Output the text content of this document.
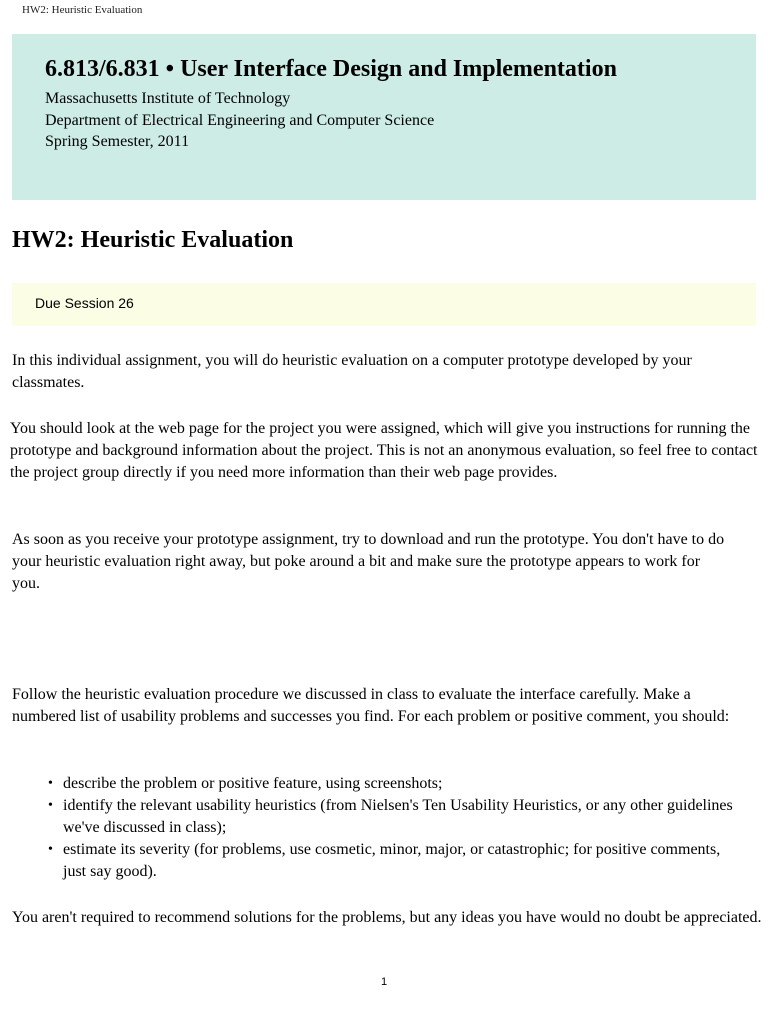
HW2: Heuristic Evaluation
6.813/6.831 • User Interface Design and Implementation

Massachusetts Institute of Technology

Department of Electrical Engineering and Computer Science

Spring Semester, 2011

HW2: Heuristic Evaluation
Due Session 26

In this individual assignment, you will do heuristic evaluation on a computer prototype developed by your classmates.

You should look at the web page for the project you were assigned, which will give you instructions for running the prototype and background information about the project. This is not an anonymous evaluation, so feel free to contact the project group directly if you need more information than their web page provides.

As soon as you receive your prototype assignment, try to download and run the prototype. You don't have to do your heuristic evaluation right away, but poke around a bit and make sure the prototype appears to work for you.

Follow the heuristic evaluation procedure we discussed in class to evaluate the interface carefully. Make a numbered list of usability problems and successes you find. For each problem or positive comment, you should:

• describe the problem or positive feature, using screenshots;
• identify the relevant usability heuristics (from Nielsen's Ten Usability Heuristics, or any other guidelines we've discussed in class);
• estimate its severity (for problems, use cosmetic, minor, major, or catastrophic; for positive comments, just say good).

You aren't required to recommend solutions for the problems, but any ideas you have would no doubt be appreciated.

1
